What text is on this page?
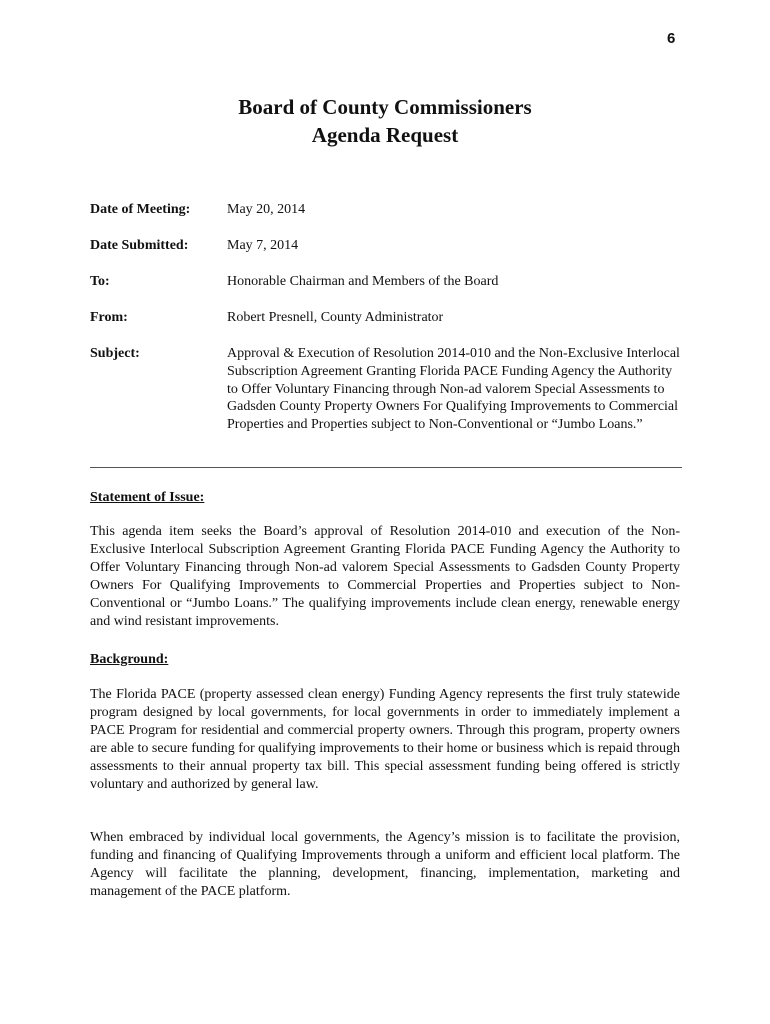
6
Board of County Commissioners
Agenda Request
Date of Meeting:	May 20, 2014
Date Submitted:	May 7, 2014
To:	Honorable Chairman and Members of the Board
From:	Robert Presnell, County Administrator
Subject:	Approval & Execution of Resolution 2014-010 and the Non-Exclusive Interlocal Subscription Agreement Granting Florida PACE Funding Agency the Authority to Offer Voluntary Financing through Non-ad valorem Special Assessments to Gadsden County Property Owners For Qualifying Improvements to Commercial Properties and Properties subject to Non-Conventional or “Jumbo Loans.”
Statement of Issue:

This agenda item seeks the Board’s approval of Resolution 2014-010 and execution of the Non-Exclusive Interlocal Subscription Agreement Granting Florida PACE Funding Agency the Authority to Offer Voluntary Financing through Non-ad valorem Special Assessments to Gadsden County Property Owners For Qualifying Improvements to Commercial Properties and Properties subject to Non-Conventional or “Jumbo Loans.” The qualifying improvements include clean energy, renewable energy and wind resistant improvements.

Background:

The Florida PACE (property assessed clean energy) Funding Agency represents the first truly statewide program designed by local governments, for local governments in order to immediately implement a PACE Program for residential and commercial property owners. Through this program, property owners are able to secure funding for qualifying improvements to their home or business which is repaid through assessments to their annual property tax bill. This special assessment funding being offered is strictly voluntary and authorized by general law.

When embraced by individual local governments, the Agency’s mission is to facilitate the provision, funding and financing of Qualifying Improvements through a uniform and efficient local platform. The Agency will facilitate the planning, development, financing, implementation, marketing and management of the PACE platform.
